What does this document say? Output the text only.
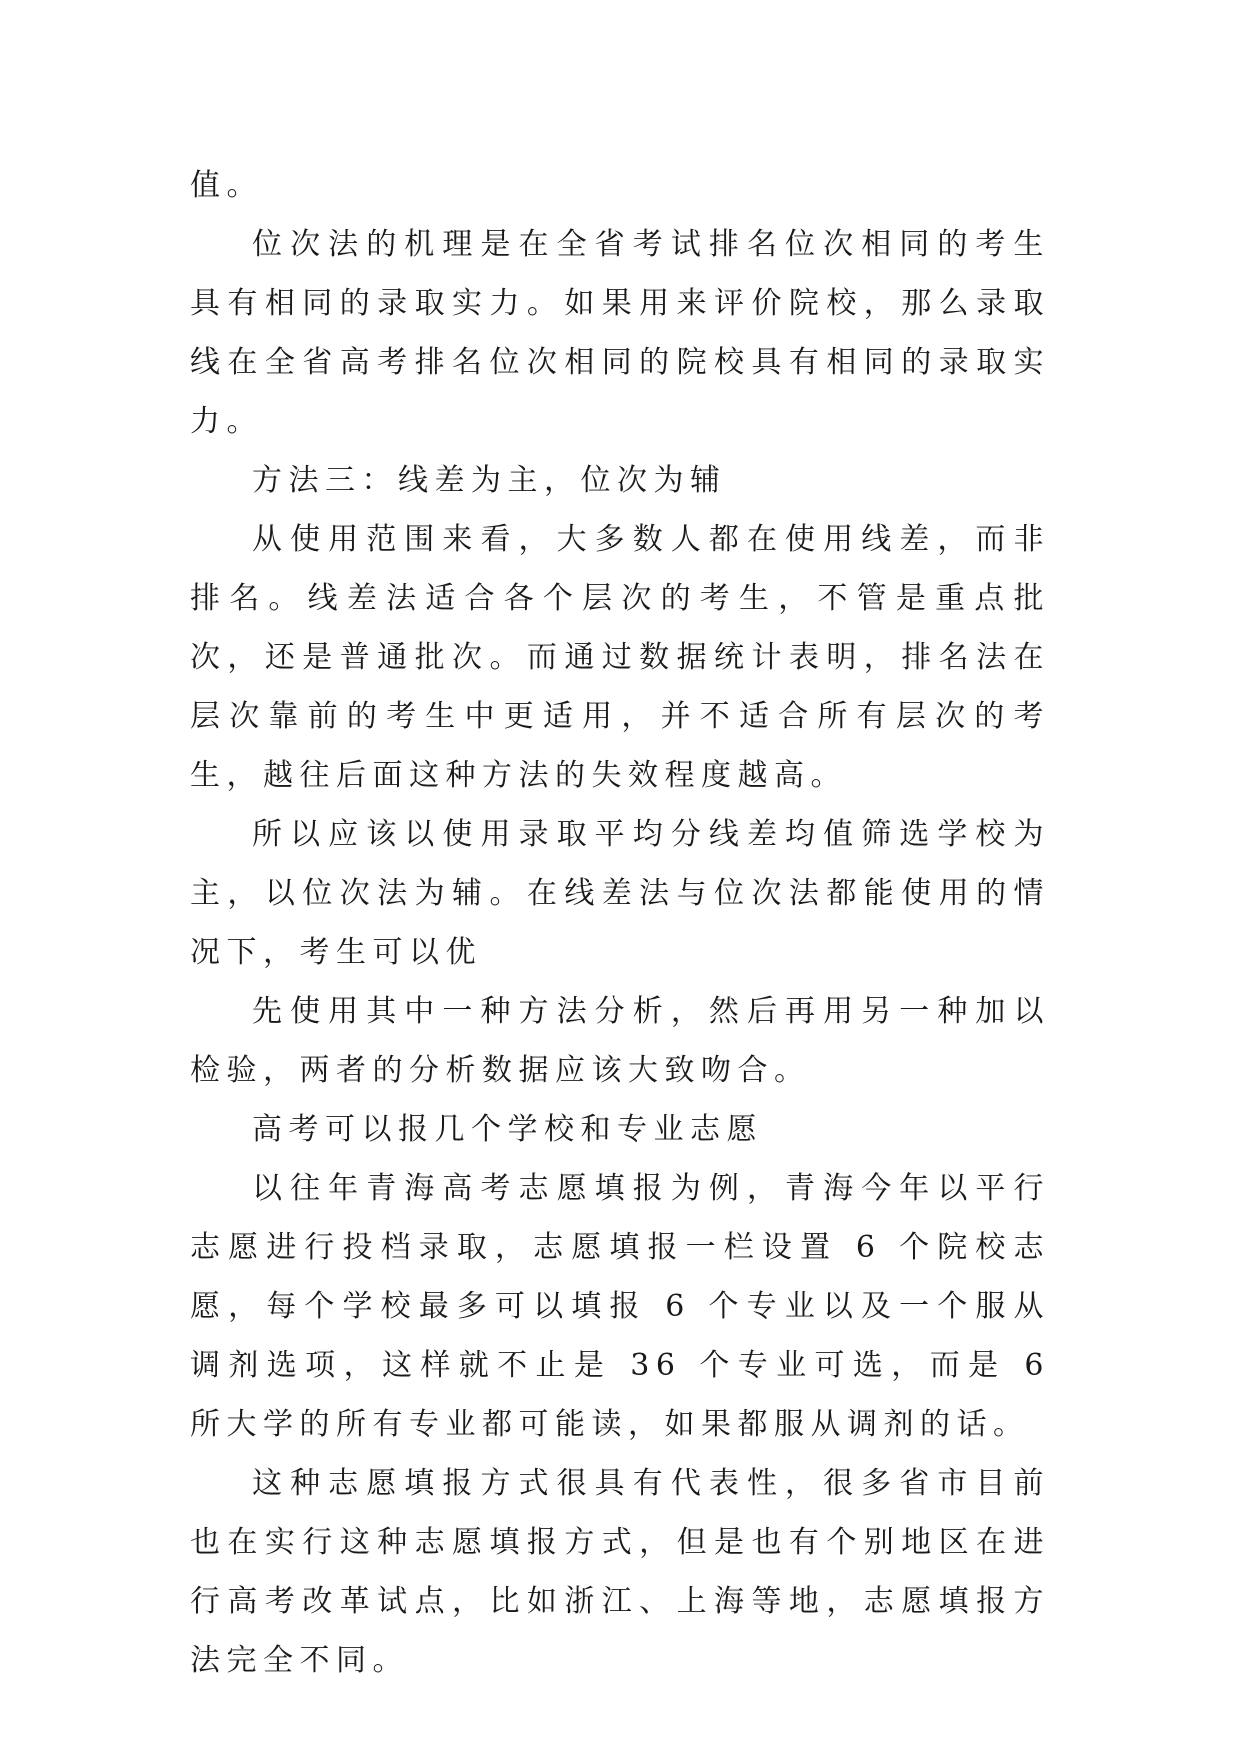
值。

位次法的机理是在全省考试排名位次相同的考生具有相同的录取实力。如果用来评价院校，那么录取线在全省高考排名位次相同的院校具有相同的录取实力。

方法三：线差为主，位次为辅

从使用范围来看，大多数人都在使用线差，而非排名。线差法适合各个层次的考生，不管是重点批次，还是普通批次。而通过数据统计表明，排名法在层次靠前的考生中更适用，并不适合所有层次的考生，越往后面这种方法的失效程度越高。

所以应该以使用录取平均分线差均值筛选学校为主，以位次法为辅。在线差法与位次法都能使用的情况下，考生可以优

先使用其中一种方法分析，然后再用另一种加以检验，两者的分析数据应该大致吻合。

高考可以报几个学校和专业志愿

以往年青海高考志愿填报为例，青海今年以平行志愿进行投档录取，志愿填报一栏设置 6 个院校志愿，每个学校最多可以填报 6 个专业以及一个服从调剂选项，这样就不止是 36 个专业可选，而是 6 所大学的所有专业都可能读，如果都服从调剂的话。

这种志愿填报方式很具有代表性，很多省市目前也在实行这种志愿填报方式，但是也有个别地区在进行高考改革试点，比如浙江、上海等地，志愿填报方法完全不同。
